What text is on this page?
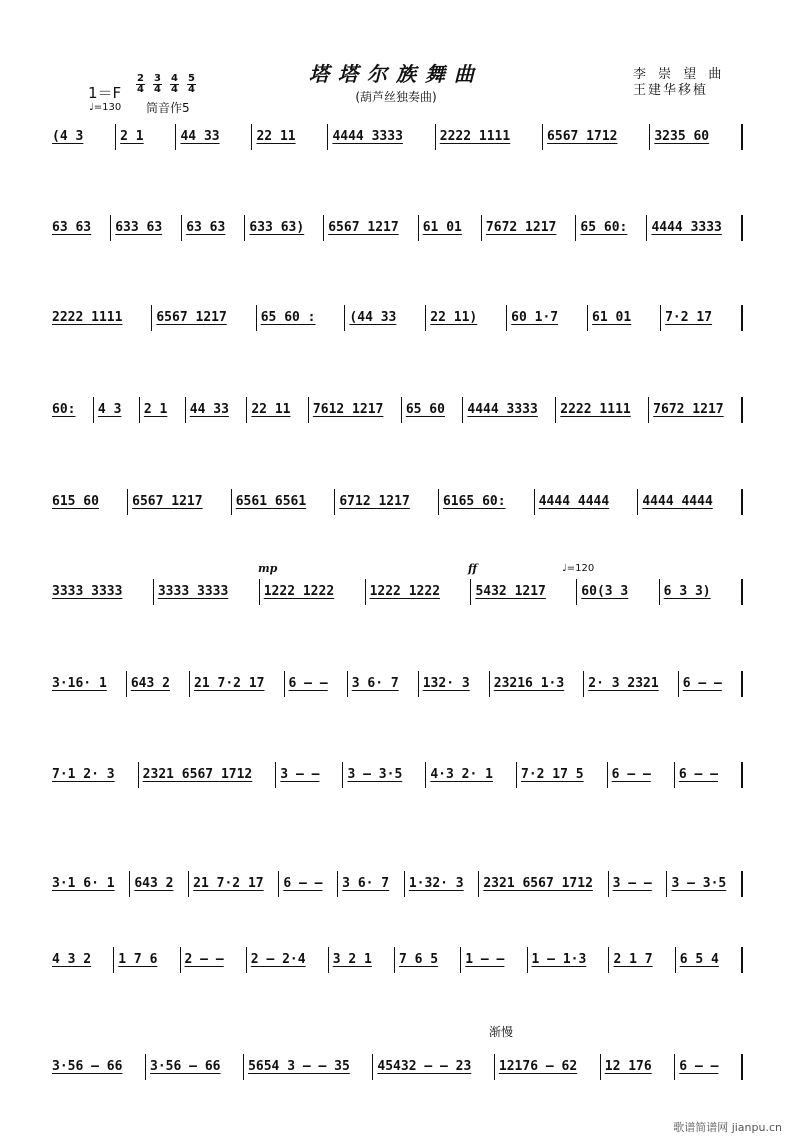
塔塔尔族舞曲
(葫芦丝独奏曲)
李 崇 望 曲
王建华移植
$1=F \frac{2}{4} \frac{3}{4} \frac{4}{4} \frac{5}{4}$
♩=130 筒音作5
(4 3	2 1	44 33	22 11	4444 3333	2222 1111	6567 1712	3235 60
63 63	633 63	63 63	633 63)	6567 1217	61 01	7672 1217	65 60:	4444 3333
2222 1111	6567 1217	65 60 :	(44 33	22 11)	60 1·7	61 01	7·2 17
60:	4 3	2 1	44 33	22 11	7612 1217	65 60	4444 3333	2222 1111	7672 1217
615 60	6567 1217	6561 6561	6712 1217	6165 60:	4444 4444	4444 4444
3333 3333	3333 3333	1222 1222	1222 1222	5432 1217	60(3 3	6 3 3)
3·16· 1	643 2	21 7·2 17	6 – –	3 6· 7	132· 3	23216 1·3	2· 3 2321	6 – –
7·1 2· 3	2321 6567 1712	3 – –	3 – 3·5	4·3 2· 1	7·2 17 5	6 – –	6 – –
3·1 6· 1	643 2	21 7·2 17	6 – –	3 6· 7	1·32· 3	2321 6567 1712	3 – –	3 – 3·5
4 3 2	1 7 6	2 – –	2 – 2·4	3 2 1	7 6 5	1 – –	1 – 1·3	2 1 7	6 5 4
3·56 – 66	3·56 – 66	5654 3 – – 35	45432 – – 23	12176 – 62	12 176	6 – –
mp	ff	♩=120
渐慢
歌谱简谱网 jianpu.cn
